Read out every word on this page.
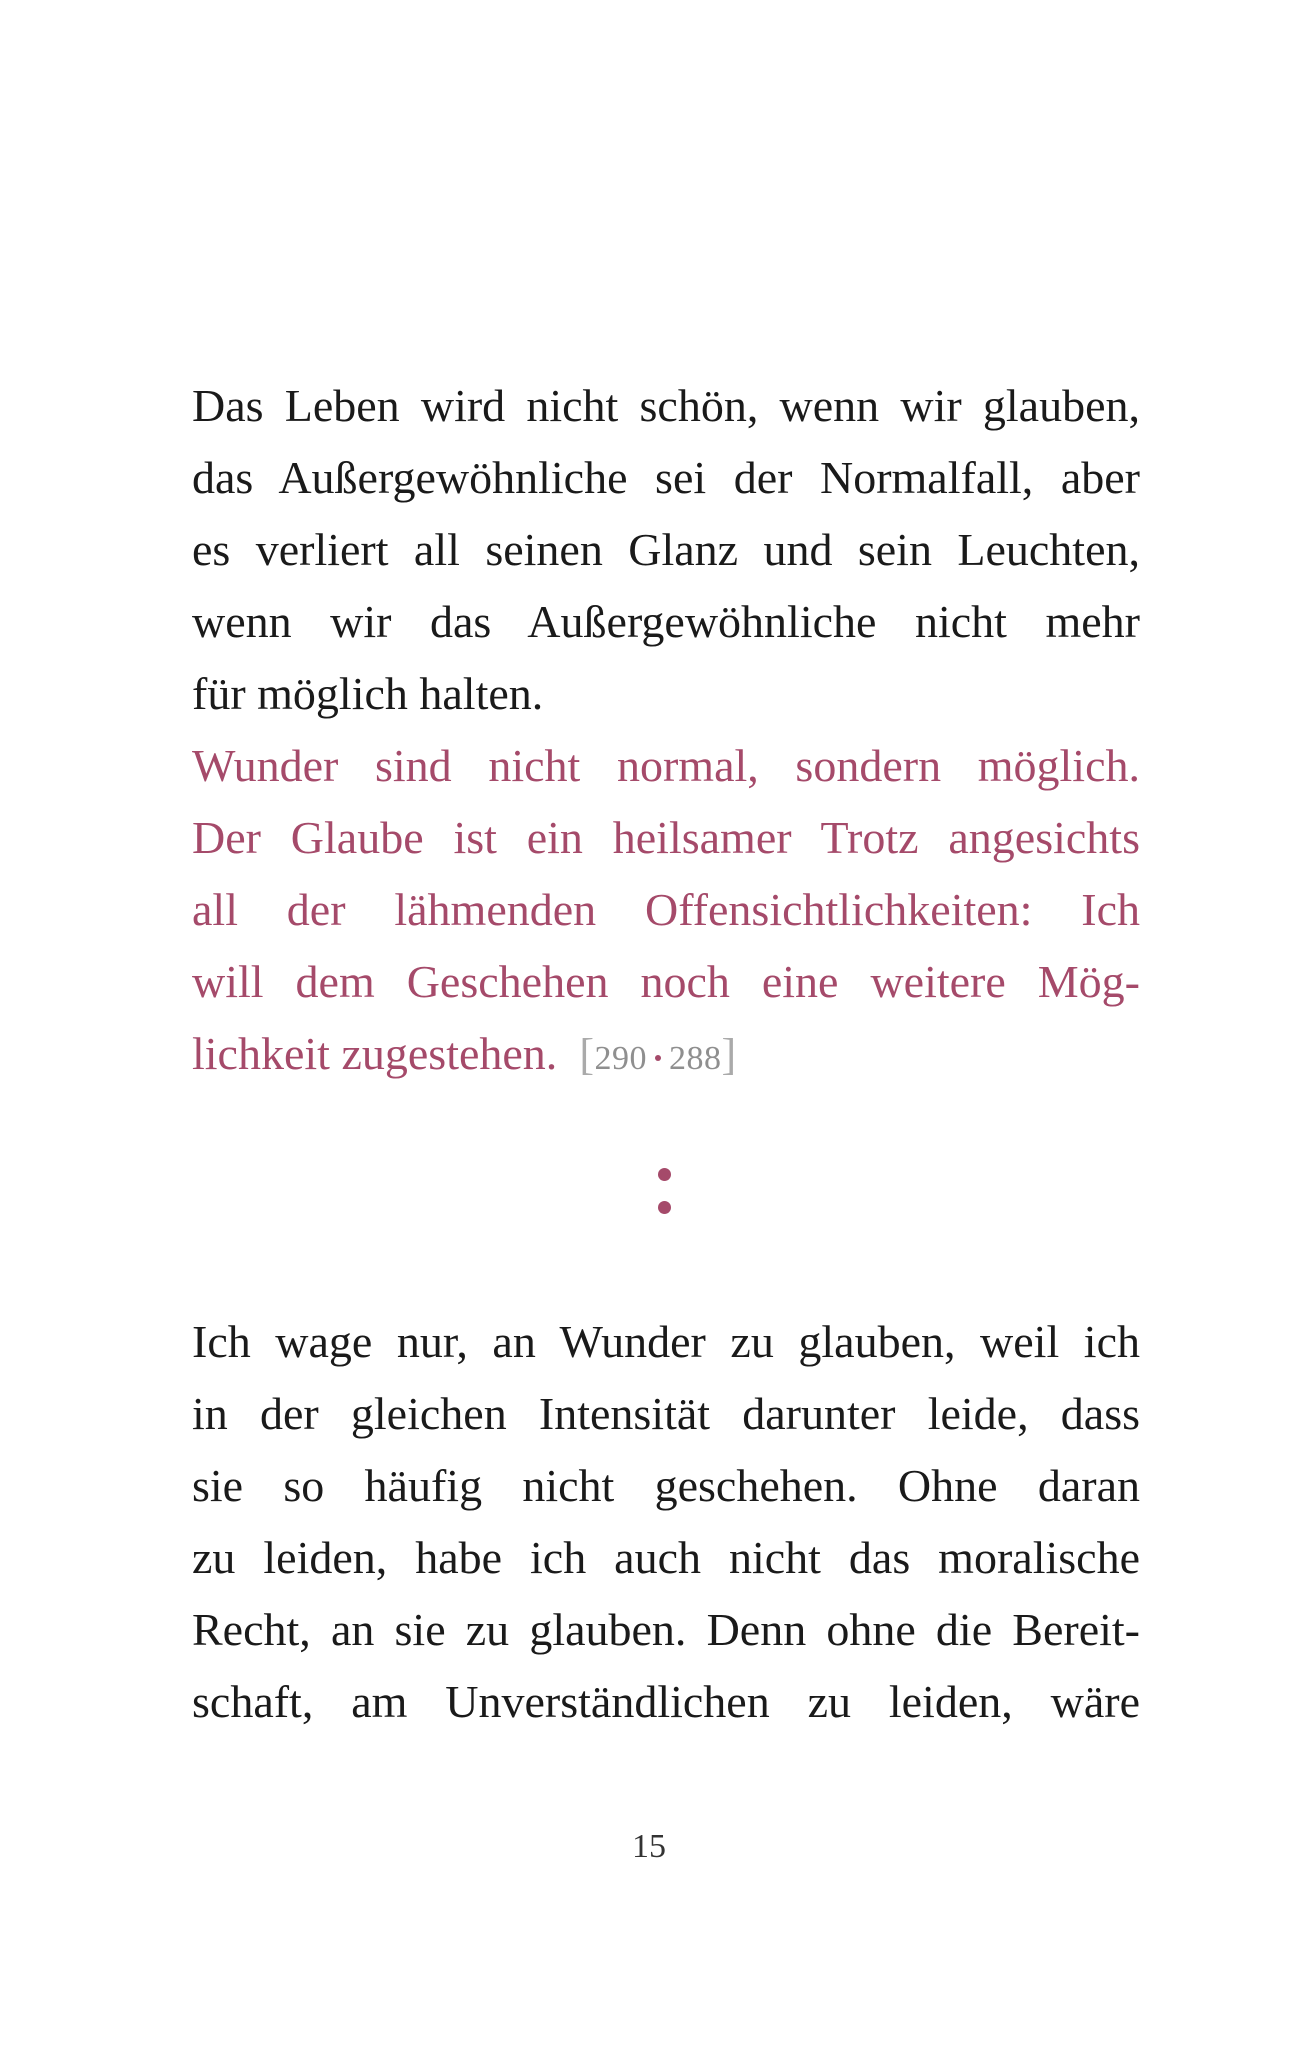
Das Leben wird nicht schön, wenn wir glauben,
das Außergewöhnliche sei der Normalfall, aber
es verliert all seinen Glanz und sein Leuchten,
wenn wir das Außergewöhnliche nicht mehr
für möglich halten.
Wunder sind nicht normal, sondern möglich.
Der Glaube ist ein heilsamer Trotz angesichts
all der lähmenden Offensichtlichkeiten: Ich
will dem Geschehen noch eine weitere Mög-
lichkeit zugestehen. [290 288]
Ich wage nur, an Wunder zu glauben, weil ich
in der gleichen Intensität darunter leide, dass
sie so häufig nicht geschehen. Ohne daran
zu leiden, habe ich auch nicht das moralische
Recht, an sie zu glauben. Denn ohne die Bereit-
schaft, am Unverständlichen zu leiden, wäre
15
